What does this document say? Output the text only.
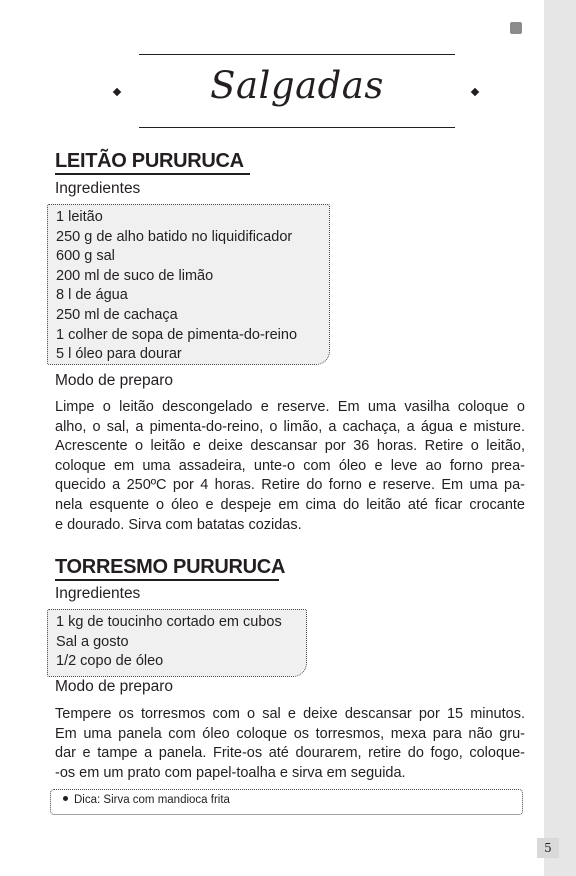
Salgadas
LEITÃO PURURUCA
Ingredientes
1 leitão
250 g de alho batido no liquidificador
600 g sal
200 ml de suco de limão
8 l de água
250 ml de cachaça
1 colher de sopa de pimenta-do-reino
5 l óleo para dourar
Modo de preparo
Limpe o leitão descongelado e reserve. Em uma vasilha coloque o
alho, o sal, a pimenta-do-reino, o limão, a cachaça, a água e misture.
Acrescente o leitão e deixe descansar por 36 horas. Retire o leitão,
coloque em uma assadeira, unte-o com óleo e leve ao forno prea-
quecido a 250ºC por 4 horas. Retire do forno e reserve. Em uma pa-
nela esquente o óleo e despeje em cima do leitão até ficar crocante
e dourado. Sirva com batatas cozidas.
TORRESMO PURURUCA
Ingredientes
1 kg de toucinho cortado em cubos
Sal a gosto
1/2 copo de óleo
Modo de preparo
Tempere os torresmos com o sal e deixe descansar por 15 minutos.
Em uma panela com óleo coloque os torresmos, mexa para não gru-
dar e tampe a panela. Frite-os até dourarem, retire do fogo, coloque-
-os em um prato com papel-toalha e sirva em seguida.
Dica: Sirva com mandioca frita
5
